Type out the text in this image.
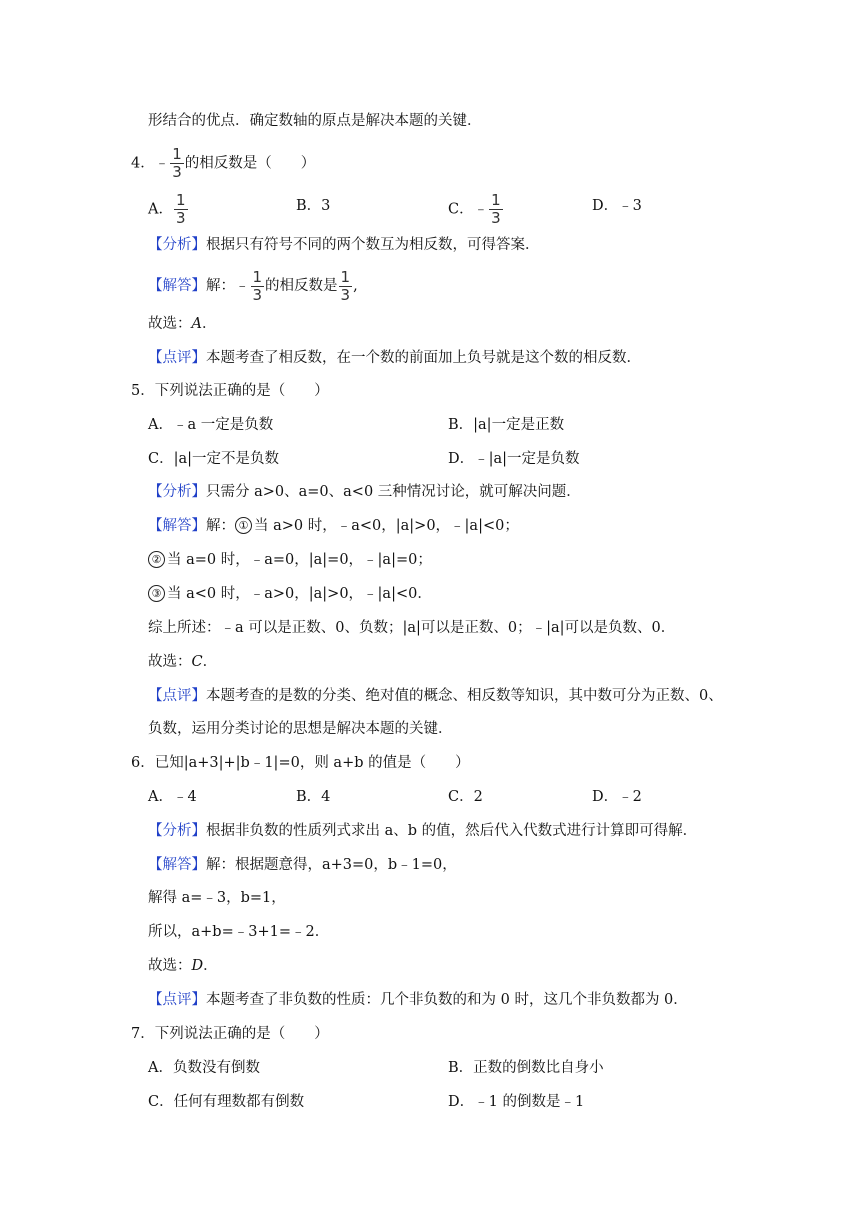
形结合的优点．确定数轴的原点是解决本题的关键．
4．﹣ $\frac{1}{3}$ 的相反数是（　　）
A． $\frac{1}{3}$	B．3	C．﹣ $\frac{1}{3}$	D．﹣3
【分析】根据只有符号不同的两个数互为相反数，可得答案．
【解答】解：﹣ $\frac{1}{3}$ 的相反数是 $\frac{1}{3}$ ,
故选：A．
【点评】本题考查了相反数，在一个数的前面加上负号就是这个数的相反数．
5．下列说法正确的是（　　）
A．﹣a 一定是负数	B．|a|一定是正数
C．|a|一定不是负数	D．﹣|a|一定是负数
【分析】只需分 a>0、a=0、a<0 三种情况讨论，就可解决问题．
【解答】解： ① 当 a>0 时，﹣a<0，|a|>0，﹣|a|<0；
② 当 a=0 时，﹣a=0，|a|=0，﹣|a|=0；
③ 当 a<0 时，﹣a>0，|a|>0，﹣|a|<0．
综上所述：﹣a 可以是正数、0、负数；|a|可以是正数、0；﹣|a|可以是负数、0．
故选：C．
【点评】本题考查的是数的分类、绝对值的概念、相反数等知识，其中数可分为正数、0、
负数，运用分类讨论的思想是解决本题的关键．
6．已知|a+3|+|b﹣1|=0，则 a+b 的值是（　　）
A．﹣4	B．4	C．2	D．﹣2
【分析】根据非负数的性质列式求出 a、b 的值，然后代入代数式进行计算即可得解．
【解答】解：根据题意得，a+3=0，b﹣1=0，
解得 a=﹣3，b=1，
所以，a+b=﹣3+1=﹣2．
故选：D．
【点评】本题考查了非负数的性质：几个非负数的和为 0 时，这几个非负数都为 0．
7．下列说法正确的是（　　）
A．负数没有倒数	B．正数的倒数比自身小
C．任何有理数都有倒数	D．﹣1 的倒数是﹣1
